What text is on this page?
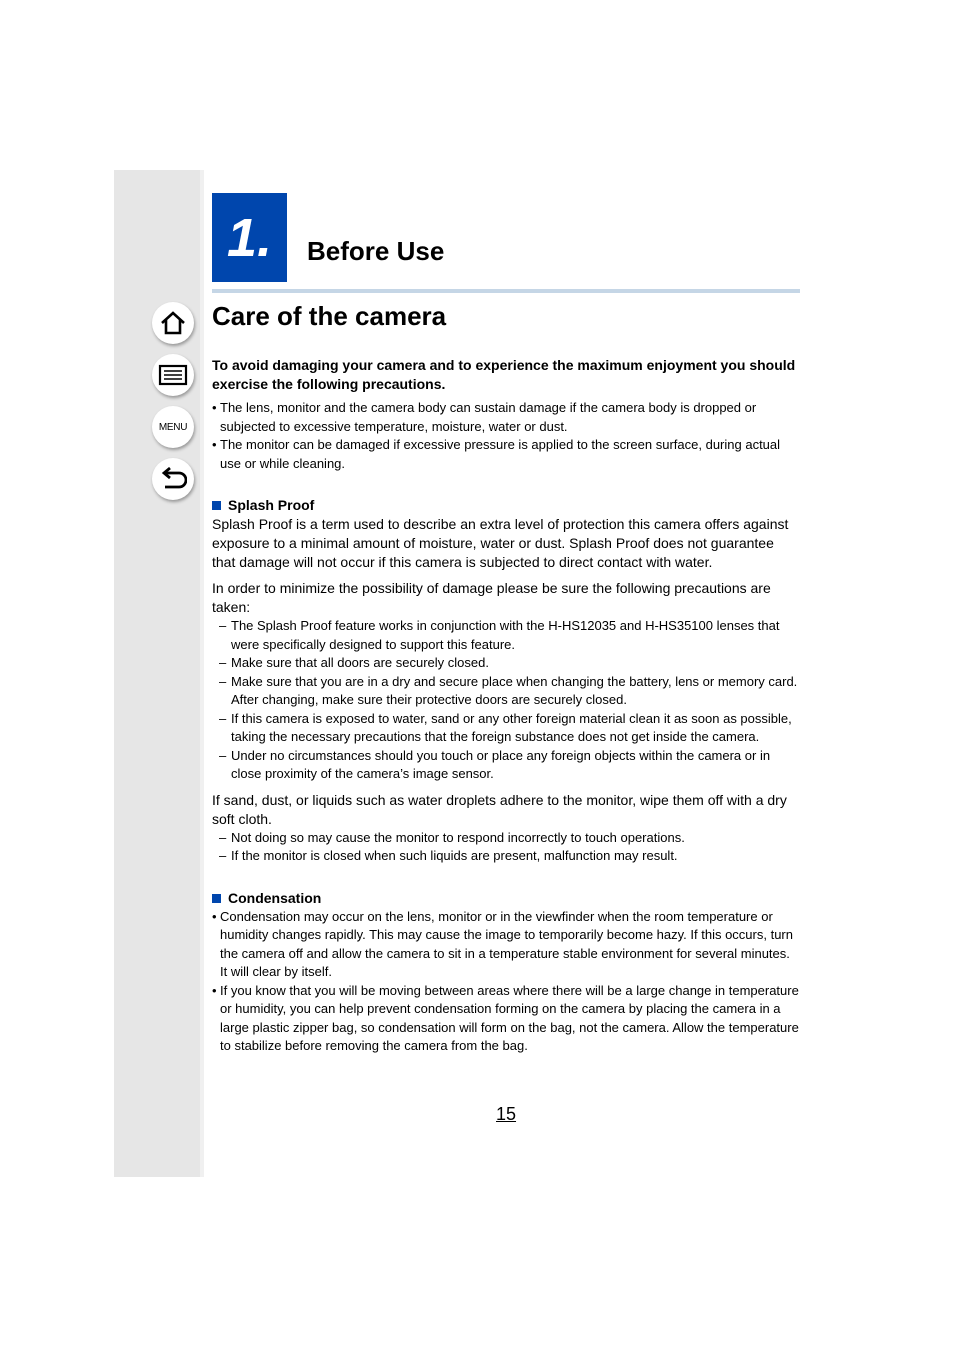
MENU
1. Before Use
Care of the camera

To avoid damaging your camera and to experience the maximum enjoyment you should exercise the following precautions.

• The lens, monitor and the camera body can sustain damage if the camera body is dropped or subjected to excessive temperature, moisture, water or dust.
• The monitor can be damaged if excessive pressure is applied to the screen surface, during actual use or while cleaning.
Splash Proof

Splash Proof is a term used to describe an extra level of protection this camera offers against exposure to a minimal amount of moisture, water or dust. Splash Proof does not guarantee that damage will not occur if this camera is subjected to direct contact with water.

In order to minimize the possibility of damage please be sure the following precautions are taken:

– The Splash Proof feature works in conjunction with the H-HS12035 and H-HS35100 lenses that were specifically designed to support this feature.
– Make sure that all doors are securely closed.
– Make sure that you are in a dry and secure place when changing the battery, lens or memory card. After changing, make sure their protective doors are securely closed.
– If this camera is exposed to water, sand or any other foreign material clean it as soon as possible, taking the necessary precautions that the foreign substance does not get inside the camera.
– Under no circumstances should you touch or place any foreign objects within the camera or in close proximity of the camera’s image sensor.

If sand, dust, or liquids such as water droplets adhere to the monitor, wipe them off with a dry soft cloth.

– Not doing so may cause the monitor to respond incorrectly to touch operations.
– If the monitor is closed when such liquids are present, malfunction may result.
Condensation
• Condensation may occur on the lens, monitor or in the viewfinder when the room temperature or humidity changes rapidly. This may cause the image to temporarily become hazy. If this occurs, turn the camera off and allow the camera to sit in a temperature stable environment for several minutes. It will clear by itself.
• If you know that you will be moving between areas where there will be a large change in temperature or humidity, you can help prevent condensation forming on the camera by placing the camera in a large plastic zipper bag, so condensation will form on the bag, not the camera. Allow the temperature to stabilize before removing the camera from the bag.
15
